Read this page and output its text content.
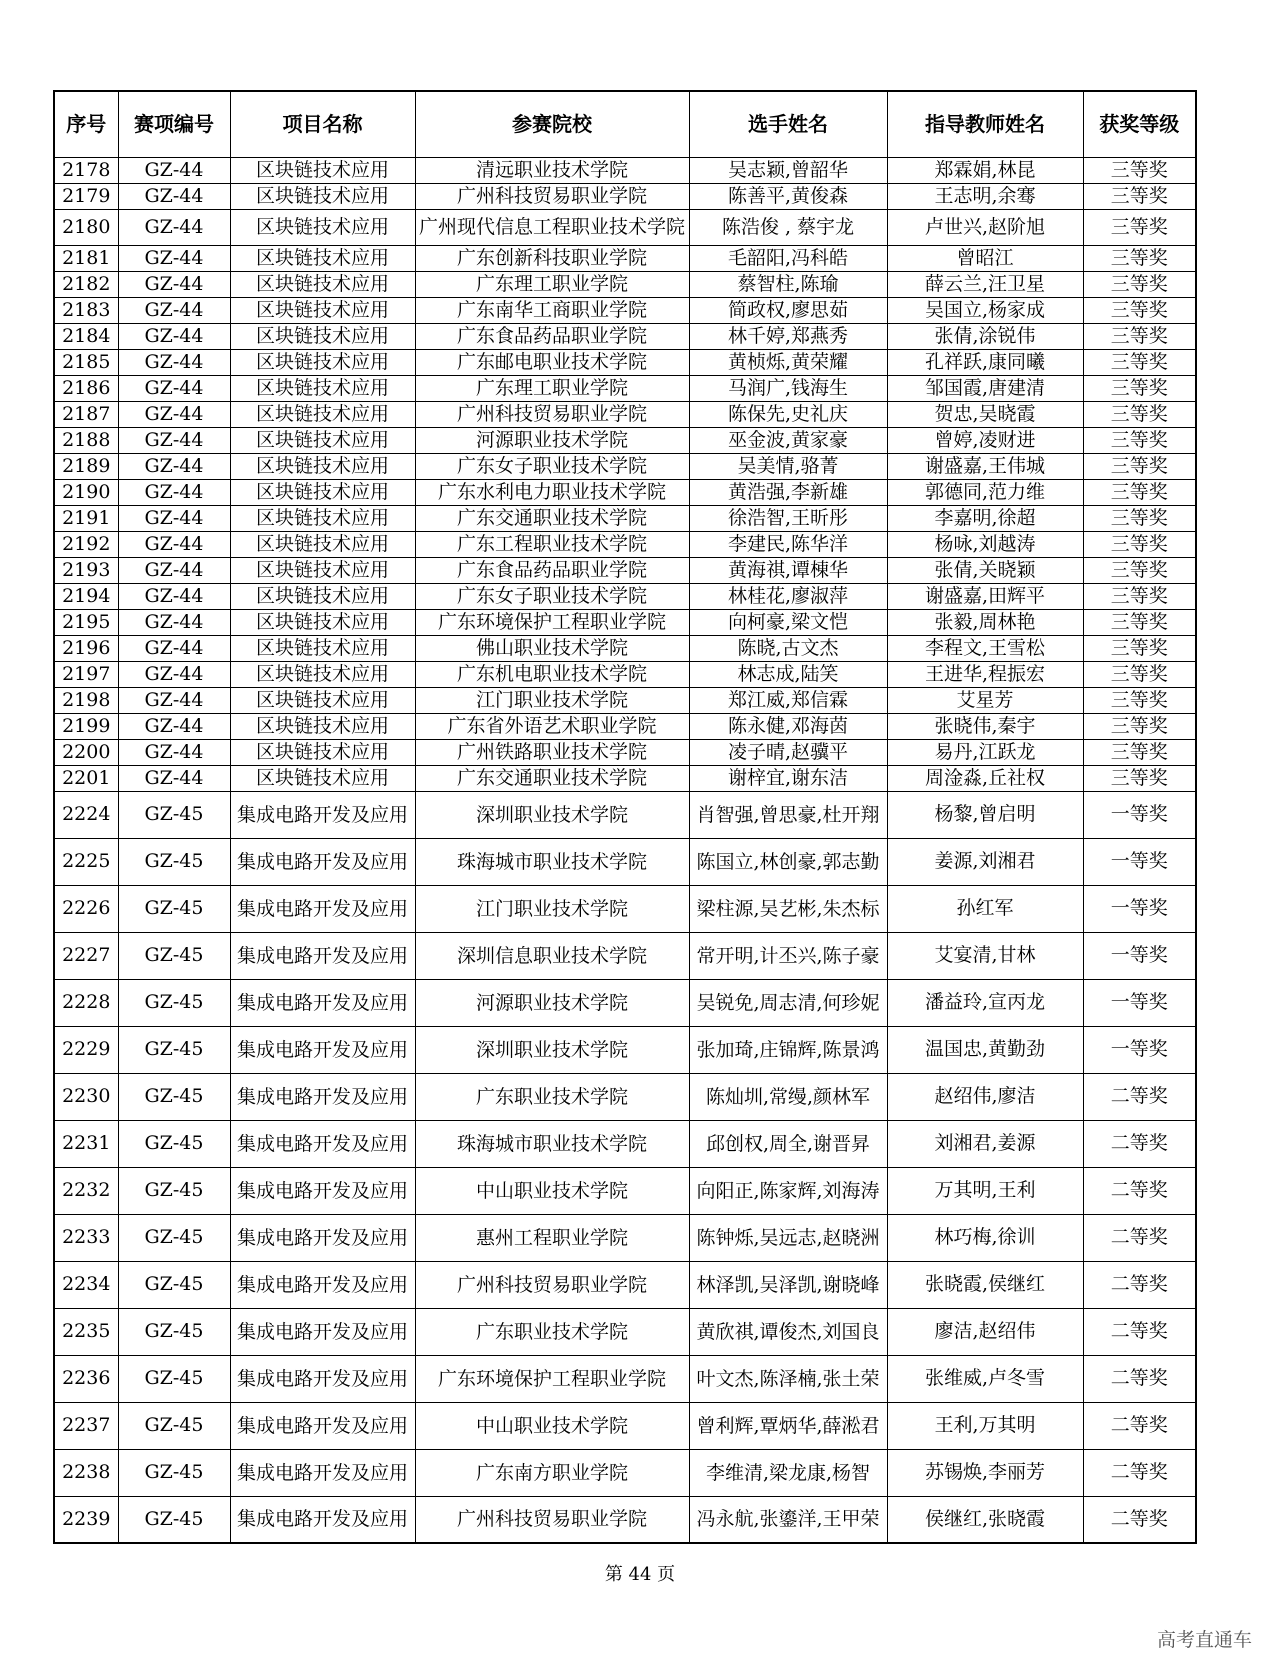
序号	赛项编号	项目名称	参赛院校	选手姓名	指导教师姓名	获奖等级
2178	GZ-44	区块链技术应用	清远职业技术学院	吴志颖,曾韶华	郑霖娟,林昆	三等奖
2179	GZ-44	区块链技术应用	广州科技贸易职业学院	陈善平,黄俊森	王志明,余骞	三等奖
2180	GZ-44	区块链技术应用	广州现代信息工程职业技术学院	陈浩俊 , 蔡宇龙	卢世兴,赵阶旭	三等奖
2181	GZ-44	区块链技术应用	广东创新科技职业学院	毛韶阳,冯科皓	曾昭江	三等奖
2182	GZ-44	区块链技术应用	广东理工职业学院	蔡智柱,陈瑜	薛云兰,汪卫星	三等奖
2183	GZ-44	区块链技术应用	广东南华工商职业学院	简政权,廖思茹	吴国立,杨家成	三等奖
2184	GZ-44	区块链技术应用	广东食品药品职业学院	林千婷,郑燕秀	张倩,涂锐伟	三等奖
2185	GZ-44	区块链技术应用	广东邮电职业技术学院	黄桢烁,黄荣耀	孔祥跃,康同曦	三等奖
2186	GZ-44	区块链技术应用	广东理工职业学院	马润广,钱海生	邹国霞,唐建清	三等奖
2187	GZ-44	区块链技术应用	广州科技贸易职业学院	陈保先,史礼庆	贺忠,吴晓霞	三等奖
2188	GZ-44	区块链技术应用	河源职业技术学院	巫金波,黄家豪	曾婷,凌财进	三等奖
2189	GZ-44	区块链技术应用	广东女子职业技术学院	吴美情,骆菁	谢盛嘉,王伟城	三等奖
2190	GZ-44	区块链技术应用	广东水利电力职业技术学院	黄浩强,李新雄	郭德同,范力维	三等奖
2191	GZ-44	区块链技术应用	广东交通职业技术学院	徐浩智,王昕彤	李嘉明,徐超	三等奖
2192	GZ-44	区块链技术应用	广东工程职业技术学院	李建民,陈华洋	杨咏,刘越涛	三等奖
2193	GZ-44	区块链技术应用	广东食品药品职业学院	黄海祺,谭棟华	张倩,关晓颖	三等奖
2194	GZ-44	区块链技术应用	广东女子职业技术学院	林桂花,廖淑萍	谢盛嘉,田辉平	三等奖
2195	GZ-44	区块链技术应用	广东环境保护工程职业学院	向柯豪,梁文恺	张毅,周林艳	三等奖
2196	GZ-44	区块链技术应用	佛山职业技术学院	陈晓,古文杰	李程文,王雪松	三等奖
2197	GZ-44	区块链技术应用	广东机电职业技术学院	林志成,陆笑	王进华,程振宏	三等奖
2198	GZ-44	区块链技术应用	江门职业技术学院	郑江威,郑信霖	艾星芳	三等奖
2199	GZ-44	区块链技术应用	广东省外语艺术职业学院	陈永健,邓海茵	张晓伟,秦宇	三等奖
2200	GZ-44	区块链技术应用	广州铁路职业技术学院	凌子晴,赵骥平	易丹,江跃龙	三等奖
2201	GZ-44	区块链技术应用	广东交通职业技术学院	谢梓宜,谢东洁	周淦淼,丘社权	三等奖
2224	GZ-45	集成电路开发及应用	深圳职业技术学院	肖智强,曾思豪,杜开翔	杨黎,曾启明	一等奖
2225	GZ-45	集成电路开发及应用	珠海城市职业技术学院	陈国立,林创豪,郭志勤	姜源,刘湘君	一等奖
2226	GZ-45	集成电路开发及应用	江门职业技术学院	梁柱源,吴艺彬,朱杰标	孙红军	一等奖
2227	GZ-45	集成电路开发及应用	深圳信息职业技术学院	常开明,计丕兴,陈子豪	艾宴清,甘林	一等奖
2228	GZ-45	集成电路开发及应用	河源职业技术学院	吴锐免,周志清,何珍妮	潘益玲,宣丙龙	一等奖
2229	GZ-45	集成电路开发及应用	深圳职业技术学院	张加琦,庄锦辉,陈景鸿	温国忠,黄勤劲	一等奖
2230	GZ-45	集成电路开发及应用	广东职业技术学院	陈灿圳,常缦,颜林军	赵绍伟,廖洁	二等奖
2231	GZ-45	集成电路开发及应用	珠海城市职业技术学院	邱创权,周全,谢晋昇	刘湘君,姜源	二等奖
2232	GZ-45	集成电路开发及应用	中山职业技术学院	向阳正,陈家辉,刘海涛	万其明,王利	二等奖
2233	GZ-45	集成电路开发及应用	惠州工程职业学院	陈钟烁,吴远志,赵晓洲	林巧梅,徐训	二等奖
2234	GZ-45	集成电路开发及应用	广州科技贸易职业学院	林泽凯,吴泽凯,谢晓峰	张晓霞,侯继红	二等奖
2235	GZ-45	集成电路开发及应用	广东职业技术学院	黄欣祺,谭俊杰,刘国良	廖洁,赵绍伟	二等奖
2236	GZ-45	集成电路开发及应用	广东环境保护工程职业学院	叶文杰,陈泽楠,张土荣	张维威,卢冬雪	二等奖
2237	GZ-45	集成电路开发及应用	中山职业技术学院	曾利辉,覃炳华,薛淞君	王利,万其明	二等奖
2238	GZ-45	集成电路开发及应用	广东南方职业学院	李维清,梁龙康,杨智	苏锡焕,李丽芳	二等奖
2239	GZ-45	集成电路开发及应用	广州科技贸易职业学院	冯永航,张鎏洋,王甲荣	侯继红,张晓霞	二等奖
第 44 页
高考直通车
